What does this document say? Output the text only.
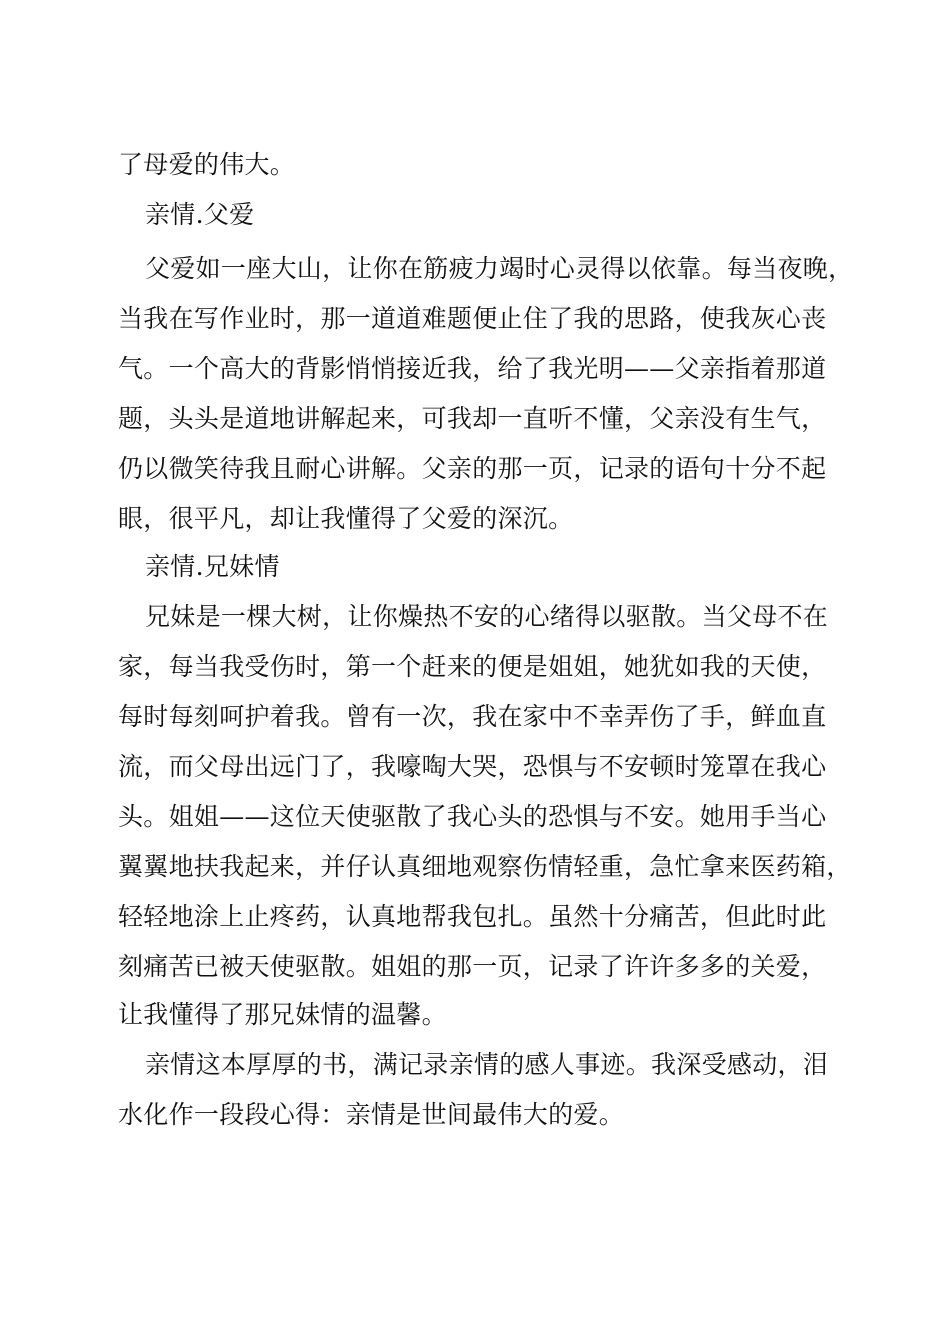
了母爱的伟大。
亲情.父爱
父爱如一座大山，让你在筋疲力竭时心灵得以依靠。每当夜晚，
当我在写作业时，那一道道难题便止住了我的思路，使我灰心丧
气。一个高大的背影悄悄接近我，给了我光明——父亲指着那道
题，头头是道地讲解起来，可我却一直听不懂，父亲没有生气，
仍以微笑待我且耐心讲解。父亲的那一页，记录的语句十分不起
眼，很平凡，却让我懂得了父爱的深沉。
亲情.兄妹情
兄妹是一棵大树，让你燥热不安的心绪得以驱散。当父母不在
家，每当我受伤时，第一个赶来的便是姐姐，她犹如我的天使，
每时每刻呵护着我。曾有一次，我在家中不幸弄伤了手，鲜血直
流，而父母出远门了，我嚎啕大哭，恐惧与不安顿时笼罩在我心
头。姐姐——这位天使驱散了我心头的恐惧与不安。她用手当心
翼翼地扶我起来，并仔认真细地观察伤情轻重，急忙拿来医药箱，
轻轻地涂上止疼药，认真地帮我包扎。虽然十分痛苦，但此时此
刻痛苦已被天使驱散。姐姐的那一页，记录了许许多多的关爱，
让我懂得了那兄妹情的温馨。
亲情这本厚厚的书，满记录亲情的感人事迹。我深受感动，泪
水化作一段段心得：亲情是世间最伟大的爱。
